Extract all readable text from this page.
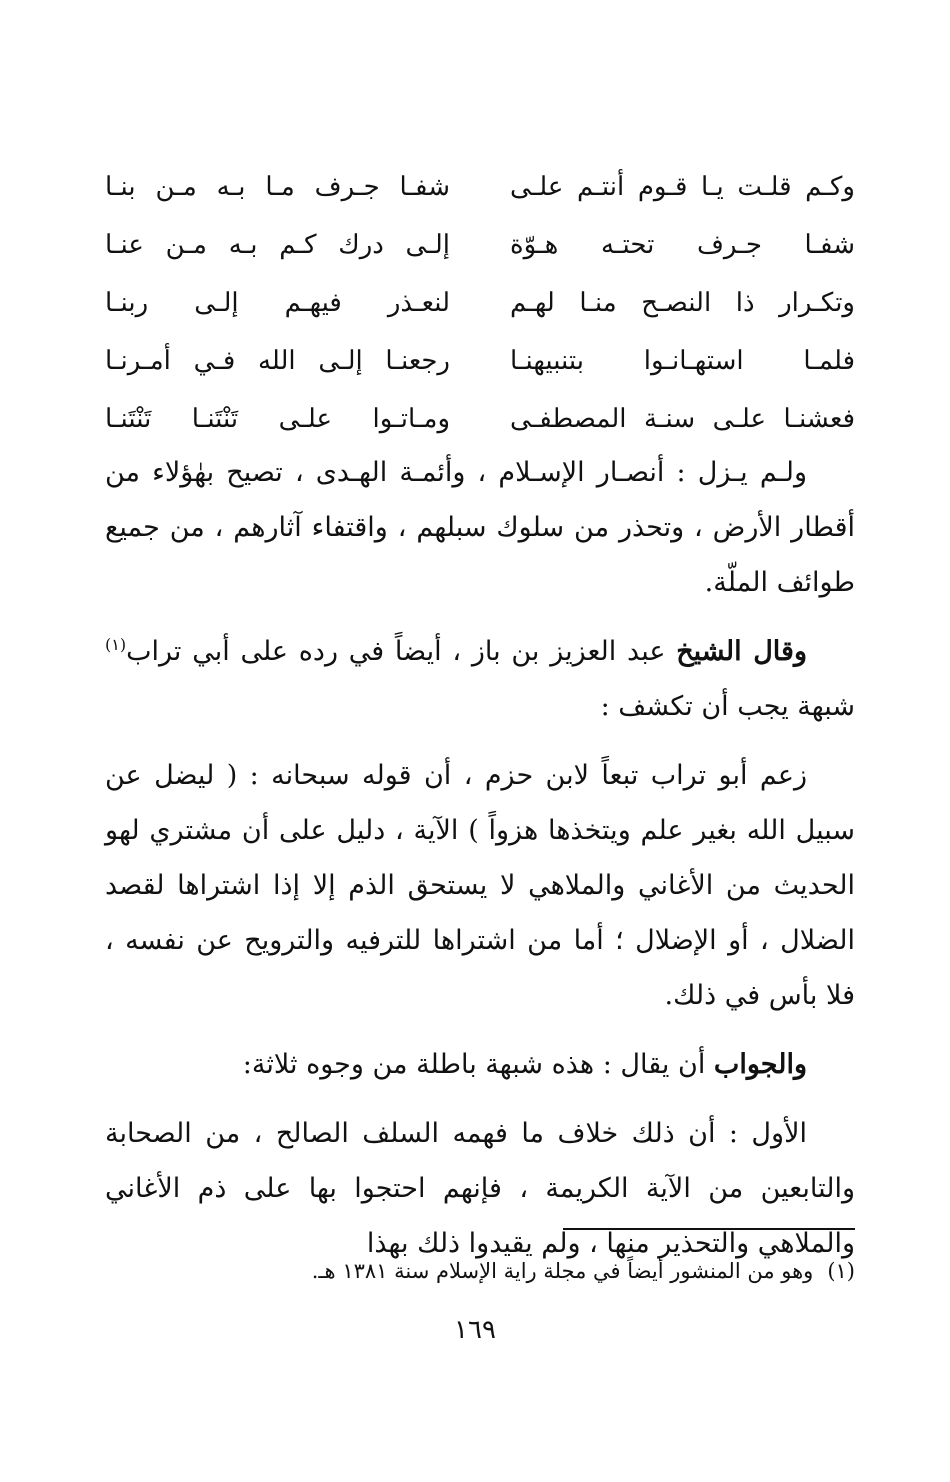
وكـم قلـت يـا قـوم أنتـم علـى
شفـا جـرف مـا بـه مـن بنـا
شفـا جـرف تحتـه هـوّة
إلـى درك كـم بـه مـن عنـا
وتكـرار ذا النصـح منـا لهـم
لنعـذر فيهـم إلـى ربنـا
فلمـا استهـانـوا بتنبيهنـا
رجعنـا إلـى الله فـي أمـرنـا
فعشنـا علـى سنـة المصطفـى
ومـاتـوا علـى تَنْتَنـا تَنْتَنـا

ولـم يـزل : أنصـار الإسـلام ، وأئمـة الهـدى ، تصيح بهٰؤلاء من أقطار الأرض ، وتحذر من سلوك سبلهم ، واقتفاء آثارهم ، من جميع طوائف الملّة.

وقال الشيخ عبد العزيز بن باز ، أيضاً في رده على أبي تراب$^{(١)}$ شبهة يجب أن تكشف :

زعم أبو تراب تبعاً لابن حزم ، أن قوله سبحانه : ( ليضل عن سبيل الله بغير علم ويتخذها هزواً ) الآية ، دليل على أن مشتري لهو الحديث من الأغاني والملاهي لا يستحق الذم إلا إذا اشتراها لقصد الضلال ، أو الإضلال ؛ أما من اشتراها للترفيه والترويح عن نفسه ، فلا بأس في ذلك.

والجواب أن يقال : هذه شبهة باطلة من وجوه ثلاثة:

الأول : أن ذلك خلاف ما فهمه السلف الصالح ، من الصحابة والتابعين من الآية الكريمة ، فإنهم احتجوا بها على ذم الأغاني والملاهي والتحذير منها ، ولم يقيدوا ذلك بهذا

(١)وهو من المنشور أيضاً في مجلة راية الإسلام سنة ١٣٨١ هـ.
١٦٩
